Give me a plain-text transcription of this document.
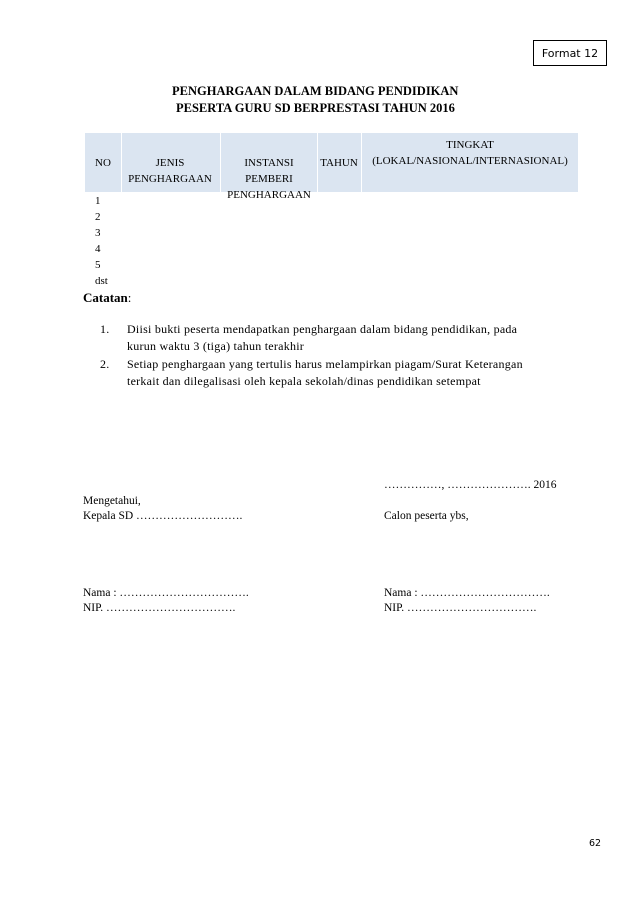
Format 12
PENGHARGAAN DALAM BIDANG PENDIDIKAN
PESERTA GURU SD BERPRESTASI TAHUN 2016
NO	JENIS
PENGHARGAAN
INSTANSI
PEMBERI
PENGHARGAAN
TAHUN
TINGKAT
(LOKAL/NASIONAL/INTERNASIONAL)
1
2
3
4
5
dst
Catatan:
1. Diisi bukti peserta mendapatkan penghargaan dalam bidang pendidikan, pada
kurun waktu 3 (tiga) tahun terakhir
2. Setiap penghargaan yang tertulis harus melampirkan piagam/Surat Keterangan
terkait dan dilegalisasi oleh kepala sekolah/dinas pendidikan setempat
……………, …………………. 2016
Mengetahui,
Kepala SD ……………………….	Calon peserta ybs,
Nama : …………………………….
NIP. …………………………….
Nama : …………………………….
NIP. …………………………….
62
